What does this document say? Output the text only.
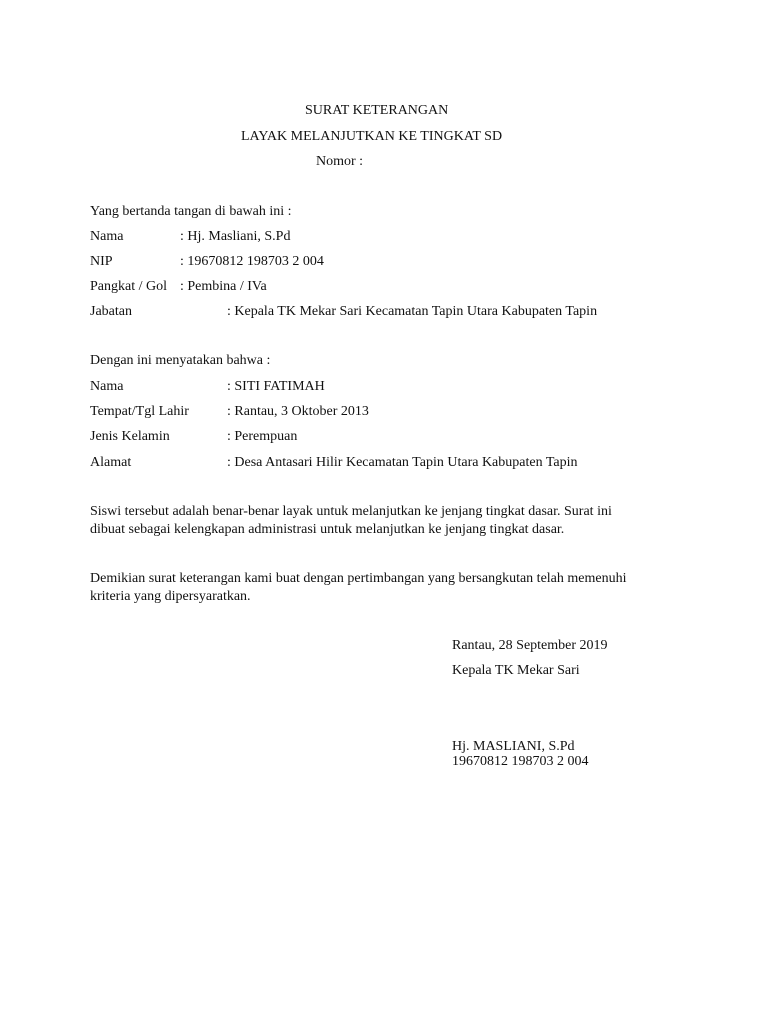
SURAT KETERANGAN
LAYAK MELANJUTKAN KE TINGKAT SD
Nomor :
Yang bertanda tangan di bawah ini :
Nama	: Hj. Masliani, S.Pd
NIP	: 19670812 198703 2 004
Pangkat / Gol : Pembina / IVa
Jabatan	: Kepala TK Mekar Sari Kecamatan Tapin Utara Kabupaten Tapin
Dengan ini menyatakan bahwa :
Nama	: SITI FATIMAH
Tempat/Tgl Lahir	: Rantau, 3 Oktober 2013
Jenis Kelamin	: Perempuan
Alamat	: Desa Antasari Hilir Kecamatan Tapin Utara Kabupaten Tapin
Siswi tersebut adalah benar-benar layak untuk melanjutkan ke jenjang tingkat dasar. Surat ini
dibuat sebagai kelengkapan administrasi untuk melanjutkan ke jenjang tingkat dasar.
Demikian surat keterangan kami buat dengan pertimbangan yang bersangkutan telah memenuhi
kriteria yang dipersyaratkan.
Rantau, 28 September 2019
Kepala TK Mekar Sari
Hj. MASLIANI, S.Pd
19670812 198703 2 004
